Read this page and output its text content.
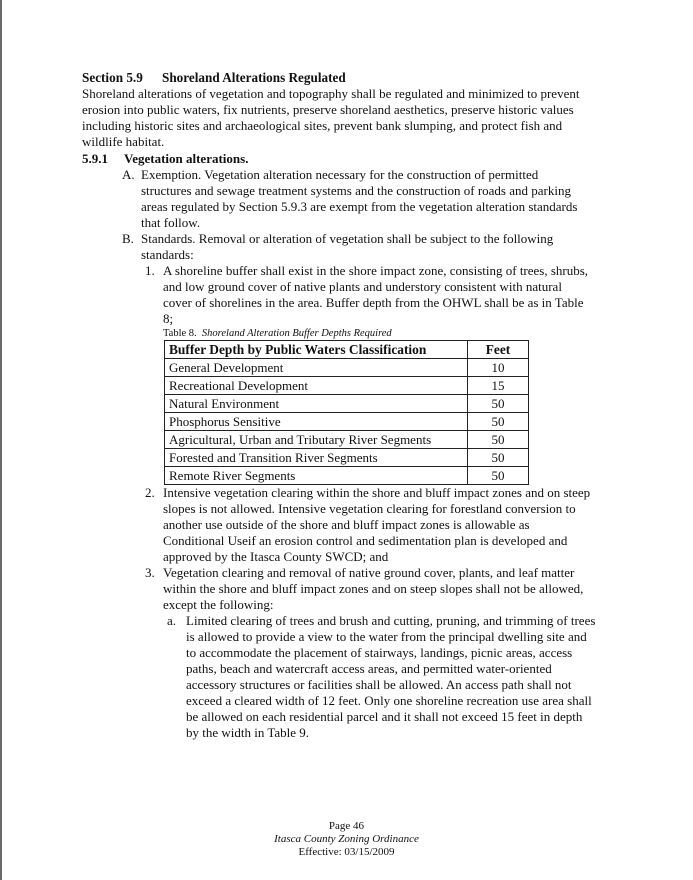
Section 5.9 Shoreland Alterations Regulated
Shoreland alterations of vegetation and topography shall be regulated and minimized to prevent
erosion into public waters, fix nutrients, preserve shoreland aesthetics, preserve historic values
including historic sites and archaeological sites, prevent bank slumping, and protect fish and
wildlife habitat.
5.9.1 Vegetation alterations.
A. Exemption. Vegetation alteration necessary for the construction of permitted
structures and sewage treatment systems and the construction of roads and parking
areas regulated by Section 5.9.3 are exempt from the vegetation alteration standards
that follow.
B. Standards. Removal or alteration of vegetation shall be subject to the following
standards:
1. A shoreline buffer shall exist in the shore impact zone, consisting of trees, shrubs,
and low ground cover of native plants and understory consistent with natural
cover of shorelines in the area. Buffer depth from the OHWL shall be as in Table
8;
Table 8. Shoreland Alteration Buffer Depths Required
Buffer Depth by Public Waters Classification	Feet
General Development	10
Recreational Development	15
Natural Environment	50
Phosphorus Sensitive	50
Agricultural, Urban and Tributary River Segments	50
Forested and Transition River Segments	50
Remote River Segments	50
2. Intensive vegetation clearing within the shore and bluff impact zones and on steep
slopes is not allowed. Intensive vegetation clearing for forestland conversion to
another use outside of the shore and bluff impact zones is allowable as
Conditional Useif an erosion control and sedimentation plan is developed and
approved by the Itasca County SWCD; and
3. Vegetation clearing and removal of native ground cover, plants, and leaf matter
within the shore and bluff impact zones and on steep slopes shall not be allowed,
except the following:
a. Limited clearing of trees and brush and cutting, pruning, and trimming of trees
is allowed to provide a view to the water from the principal dwelling site and
to accommodate the placement of stairways, landings, picnic areas, access
paths, beach and watercraft access areas, and permitted water-oriented
accessory structures or facilities shall be allowed. An access path shall not
exceed a cleared width of 12 feet. Only one shoreline recreation use area shall
be allowed on each residential parcel and it shall not exceed 15 feet in depth
by the width in Table 9.
Page 46
Itasca County Zoning Ordinance
Effective: 03/15/2009
